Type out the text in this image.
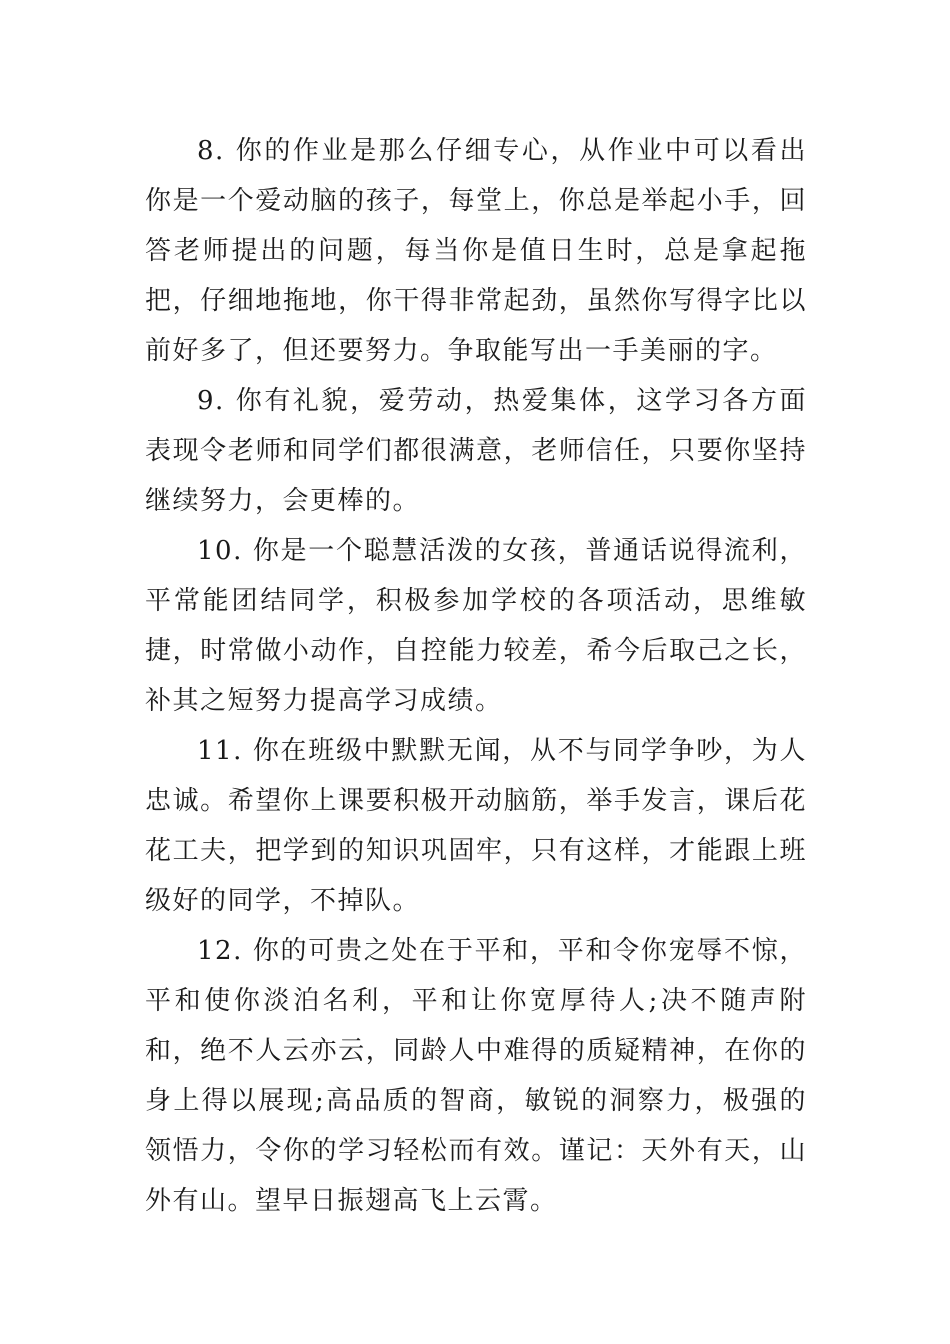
8. 你的作业是那么仔细专心，从作业中可以看出你是一个爱动脑的孩子，每堂上，你总是举起小手，回答老师提出的问题，每当你是值日生时，总是拿起拖把，仔细地拖地，你干得非常起劲，虽然你写得字比以前好多了，但还要努力。争取能写出一手美丽的字。

9. 你有礼貌，爱劳动，热爱集体，这学习各方面表现令老师和同学们都很满意，老师信任，只要你坚持继续努力，会更棒的。

10. 你是一个聪慧活泼的女孩，普通话说得流利，平常能团结同学，积极参加学校的各项活动，思维敏捷，时常做小动作，自控能力较差，希今后取己之长，补其之短努力提高学习成绩。

11. 你在班级中默默无闻，从不与同学争吵，为人忠诚。希望你上课要积极开动脑筋，举手发言，课后花花工夫，把学到的知识巩固牢，只有这样，才能跟上班级好的同学，不掉队。

12. 你的可贵之处在于平和，平和令你宠辱不惊，平和使你淡泊名利，平和让你宽厚待人;决不随声附和，绝不人云亦云，同龄人中难得的质疑精神，在你的身上得以展现;高品质的智商，敏锐的洞察力，极强的领悟力，令你的学习轻松而有效。谨记：天外有天，山外有山。望早日振翅高飞上云霄。
